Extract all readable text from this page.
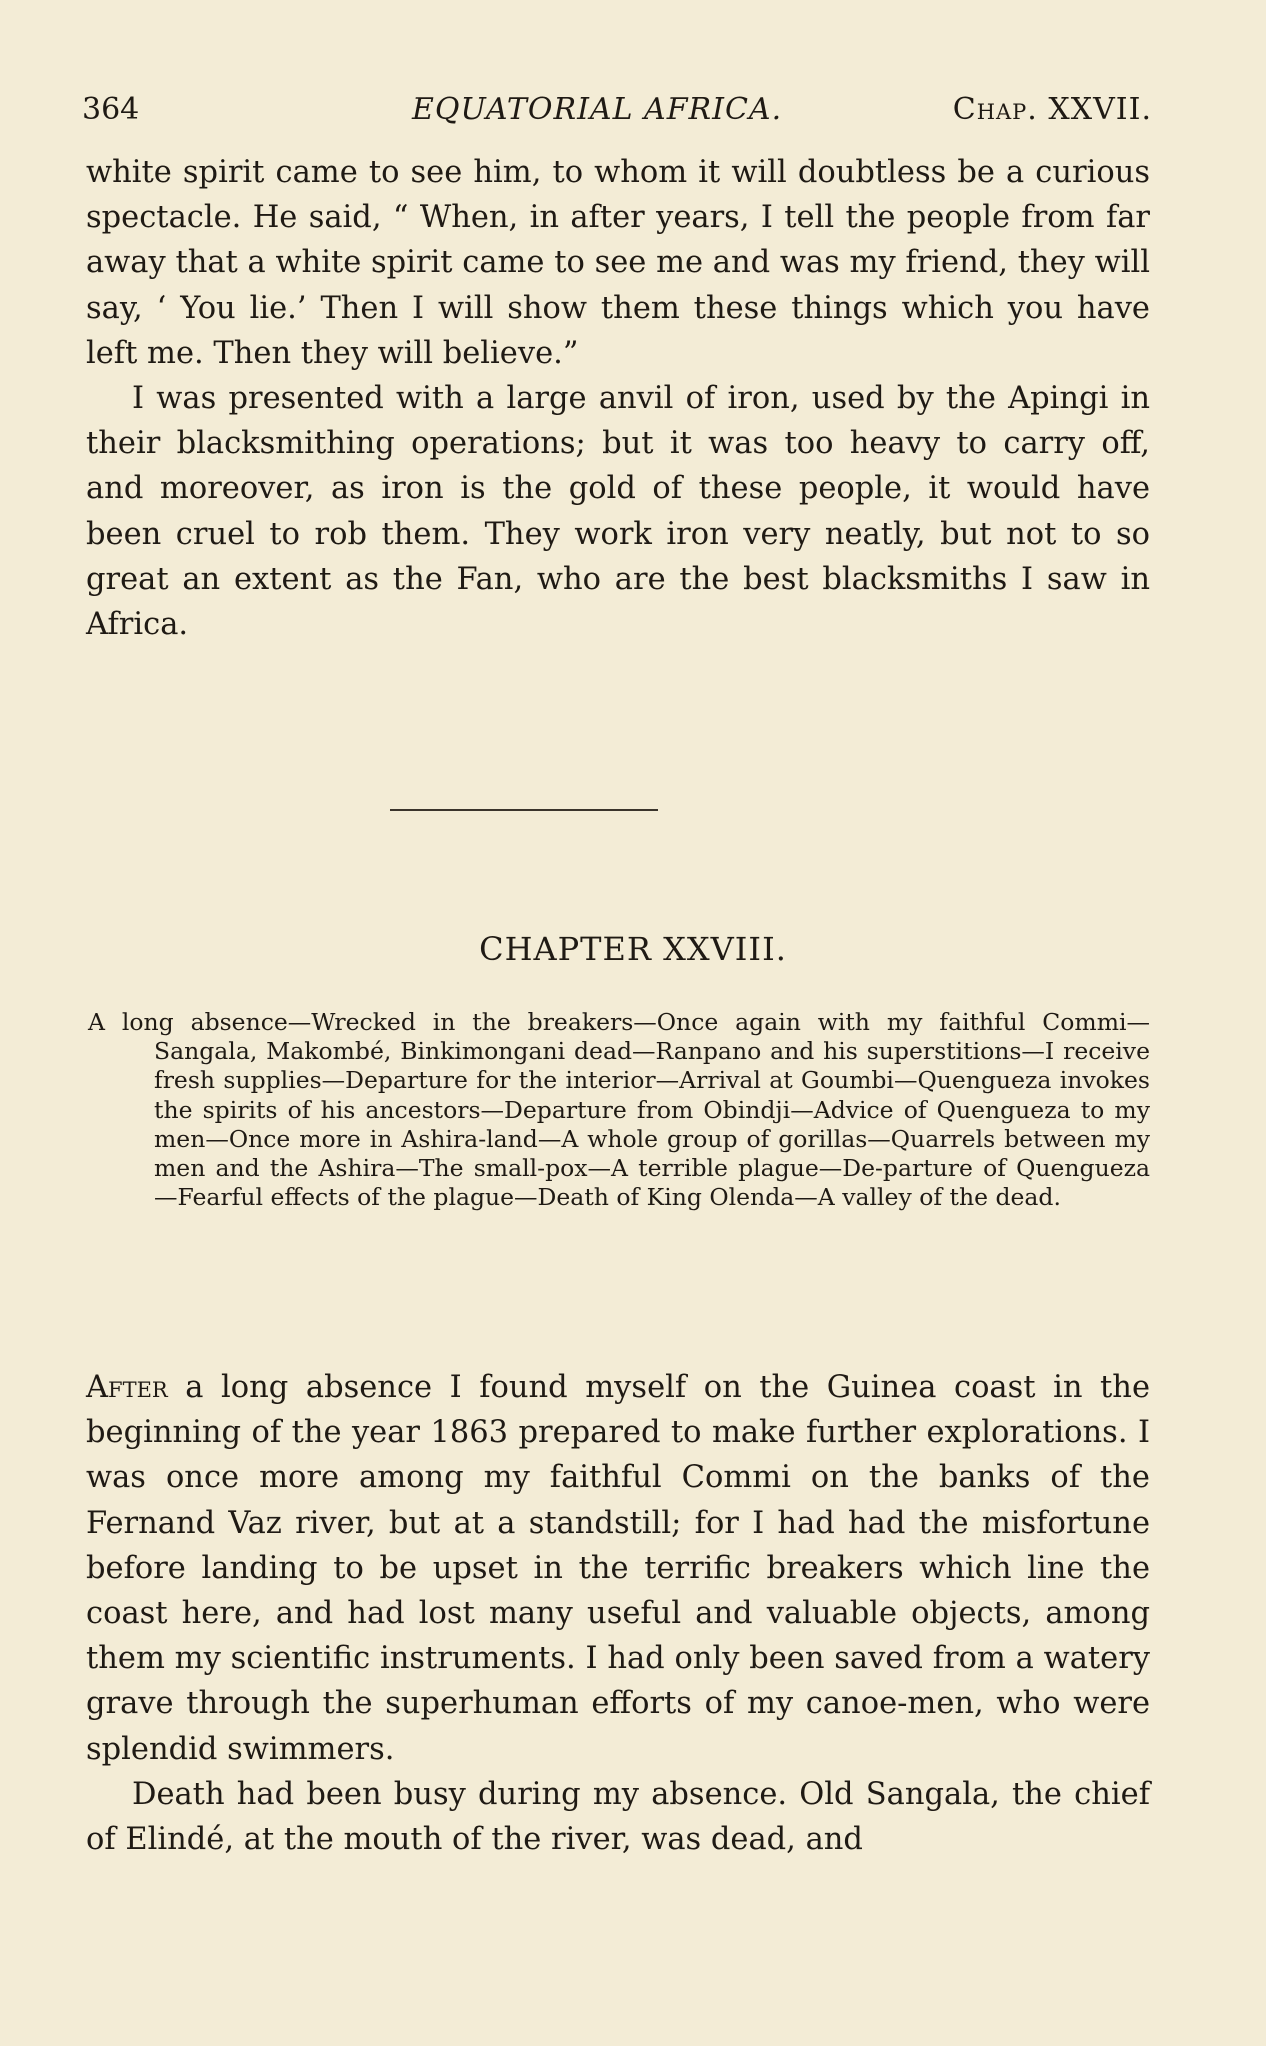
364	EQUATORIAL AFRICA.	Chap. XXVII.

white spirit came to see him, to whom it will doubtless be a curious spectacle. He said, “ When, in after years, I tell the people from far away that a white spirit came to see me and was my friend, they will say, ‘ You lie.’ Then I will show them these things which you have left me. Then they will believe.”

I was presented with a large anvil of iron, used by the Apingi in their blacksmithing operations; but it was too heavy to carry off, and moreover, as iron is the gold of these people, it would have been cruel to rob them. They work iron very neatly, but not to so great an extent as the Fan, who are the best blacksmiths I saw in Africa.

CHAPTER XXVIII.
A long absence—Wrecked in the breakers—Once again with my faithful Commi—Sangala, Makombé, Binkimongani dead—Ranpano and his superstitions—I receive fresh supplies—Departure for the interior—Arrival at Goumbi—Quengueza invokes the spirits of his ancestors—Departure from Obindji—Advice of Quengueza to my men—Once more in Ashira-land—A whole group of gorillas—Quarrels between my men and the Ashira—The small-pox—A terrible plague—De-parture of Quengueza—Fearful effects of the plague—Death of King Olenda—A valley of the dead.

After a long absence I found myself on the Guinea coast in the beginning of the year 1863 prepared to make further explorations. I was once more among my faithful Commi on the banks of the Fernand Vaz river, but at a standstill; for I had had the misfortune before landing to be upset in the terrific breakers which line the coast here, and had lost many useful and valuable objects, among them my scientific instruments. I had only been saved from a watery grave through the superhuman efforts of my canoe-men, who were splendid swimmers.

Death had been busy during my absence. Old Sangala, the chief of Elindé, at the mouth of the river, was dead, and
